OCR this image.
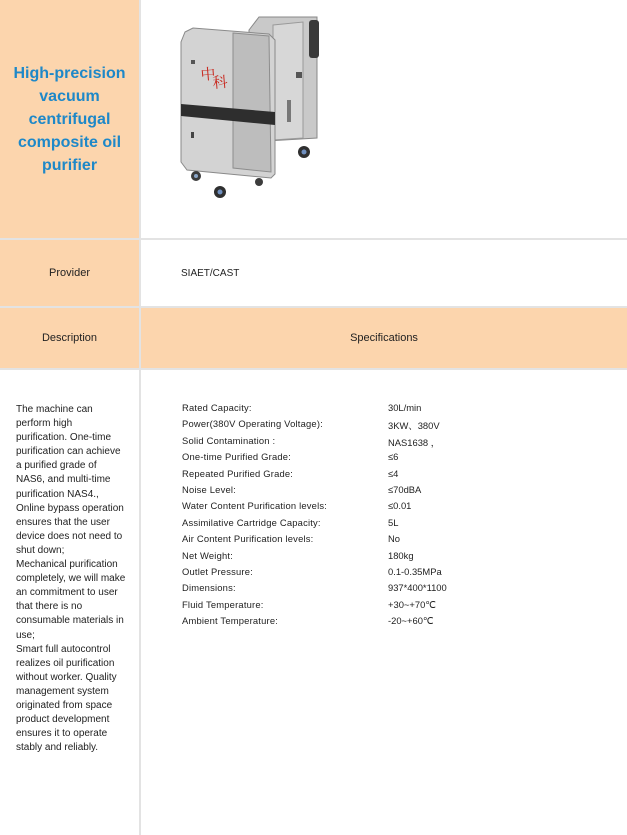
High-precision vacuum centrifugal composite oil purifier
中
科
Provider	SIAET/CAST
Description	Specifications
The machine can perform high purification. One-time purification can achieve a purified grade of NAS6, and multi-time purification NAS4.,
Online bypass operation ensures that the user device does not need to shut down;
Mechanical purification completely, we will make an commitment to user that there is no consumable materials in use;
Smart full autocontrol realizes oil purification without worker. Quality management system originated from space product development ensures it to operate stably and reliably.
Rated Capacity:	30L/min
Power(380V Operating Voltage):	3KW、380V
Solid Contamination :	NAS1638 ，
One-time Purified Grade:	≤6
Repeated Purified Grade:	≤4
Noise Level:	≤70dBA
Water Content Purification levels:	≤0.01
Assimilative Cartridge Capacity:	5L
Air Content Purification levels:	No
Net Weight:	180kg
Outlet Pressure:	0.1-0.35MPa
Dimensions:	937*400*1100
Fluid Temperature:	+30~+70℃
Ambient Temperature:	-20~+60℃
